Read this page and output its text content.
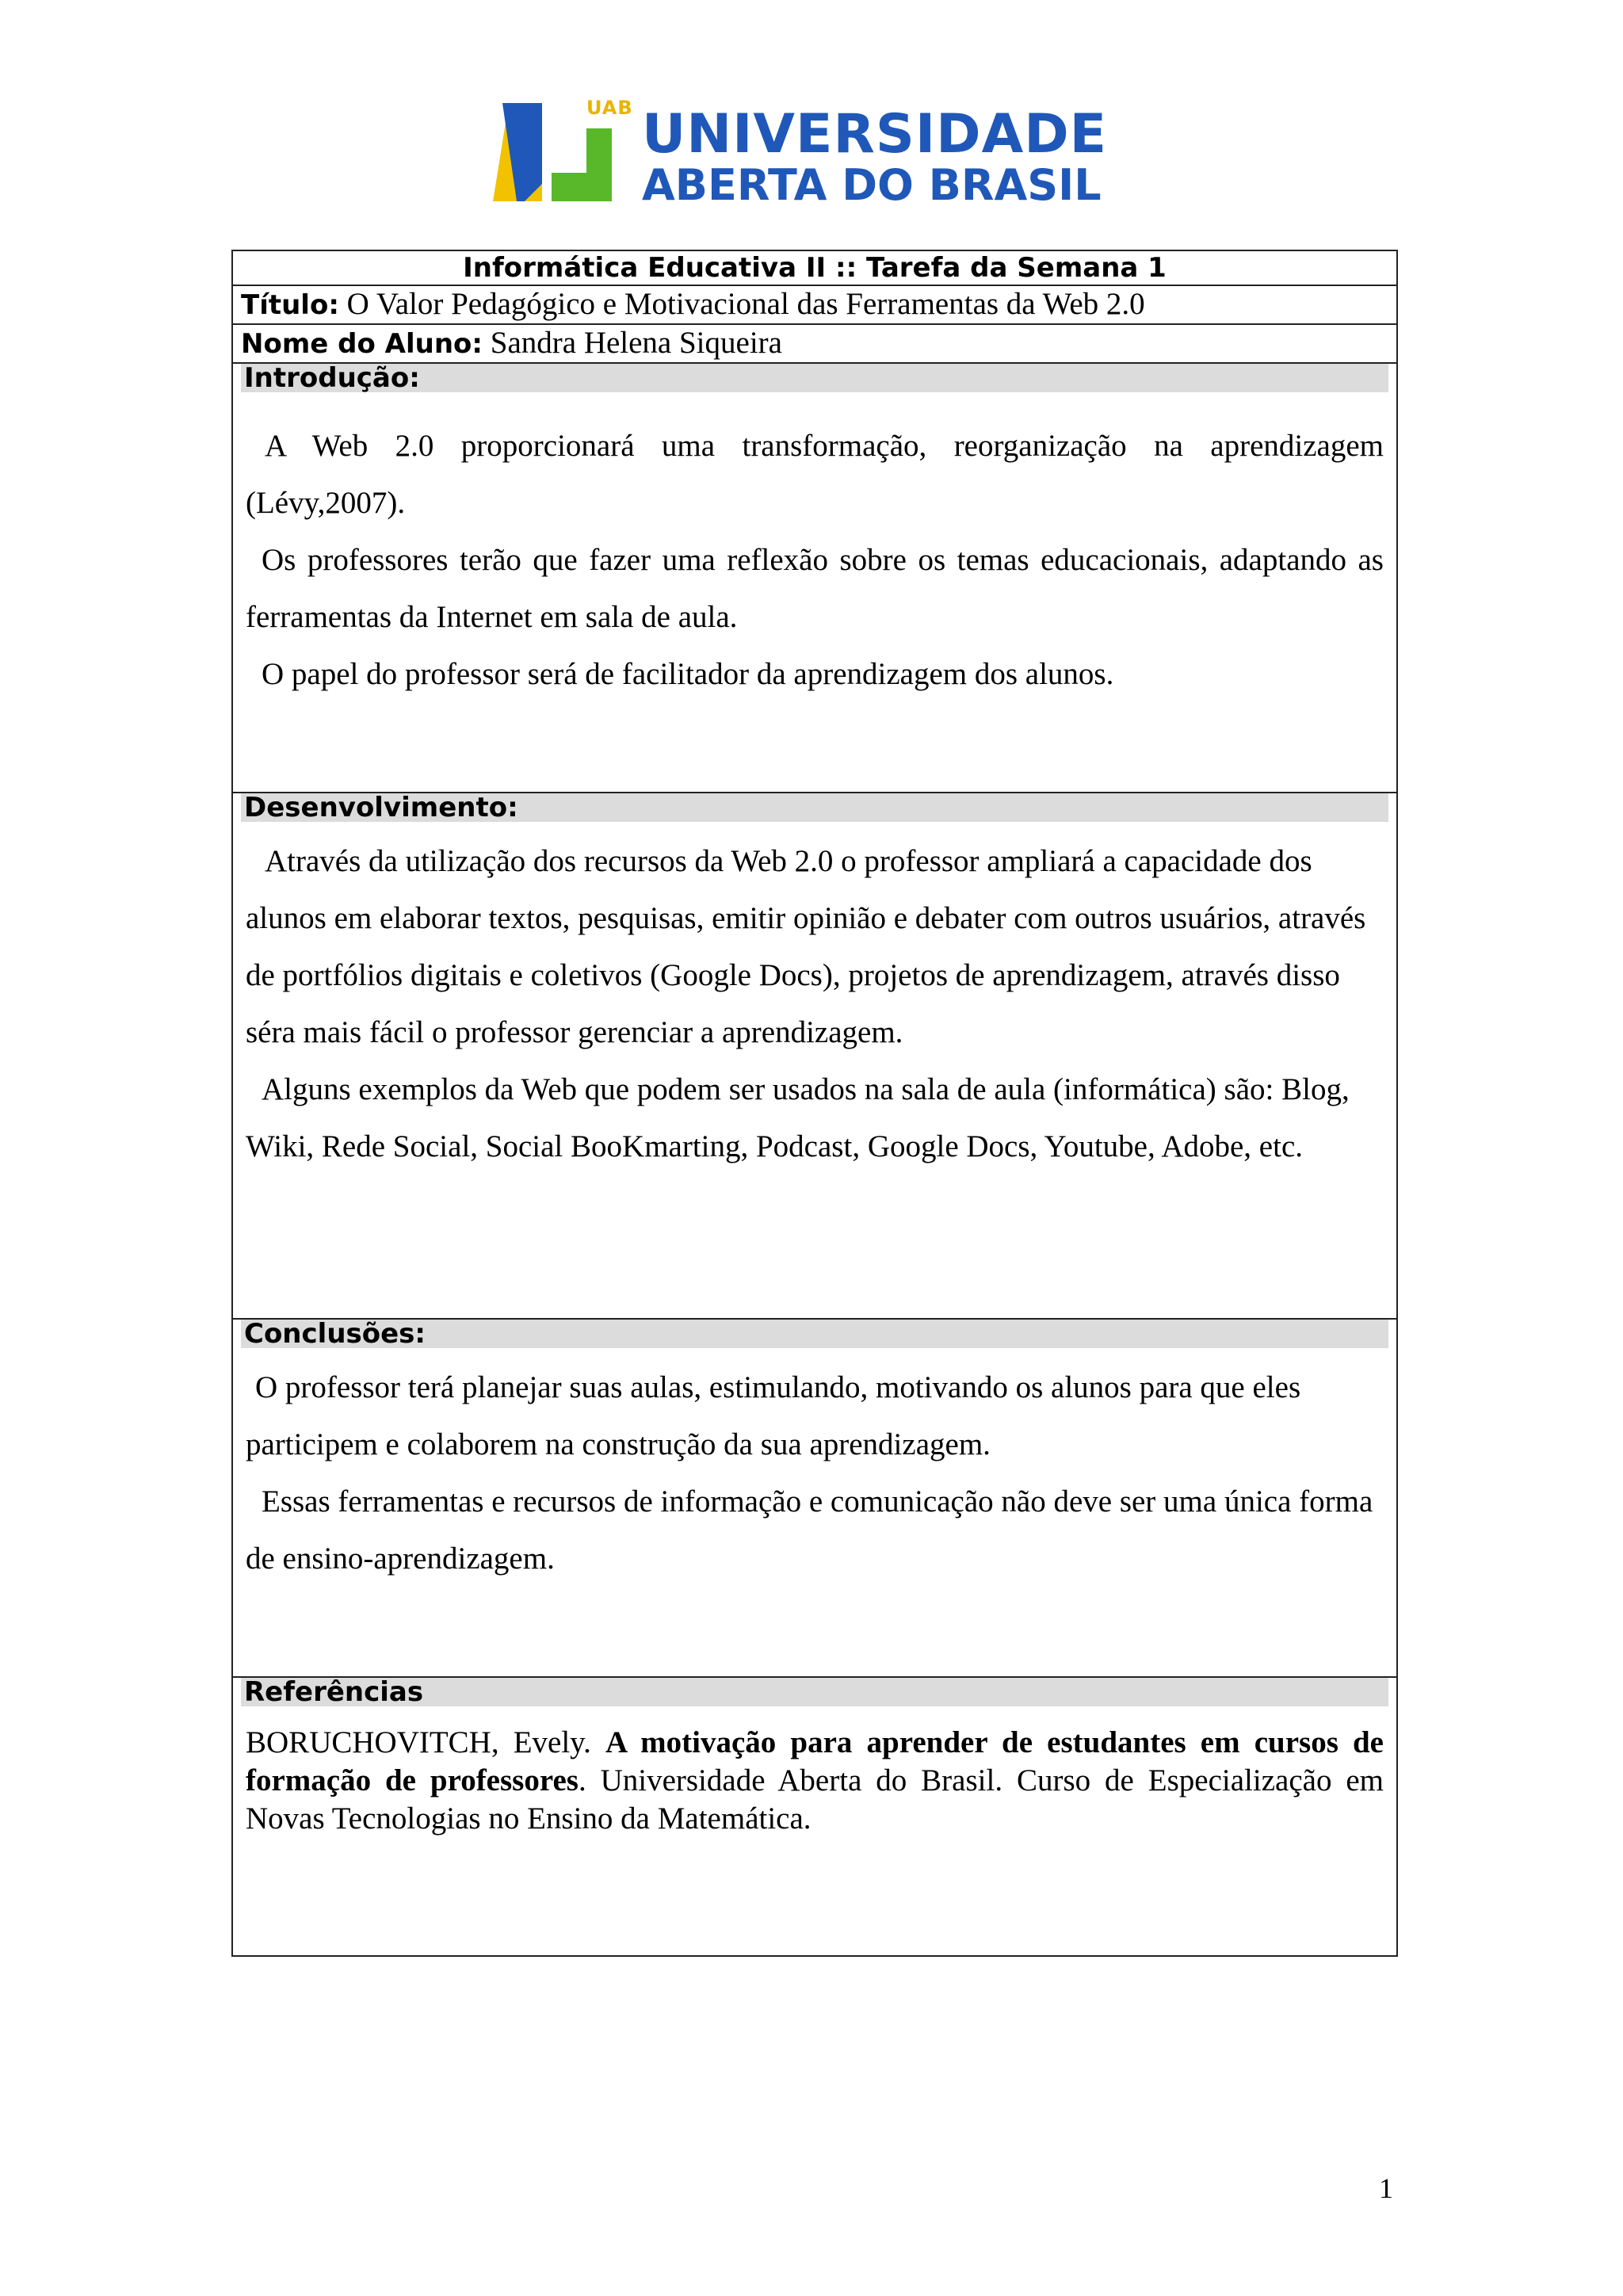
UAB UNIVERSIDADE
ABERTA DO BRASIL
Informática Educativa II :: Tarefa da Semana 1
Título: O Valor Pedagógico e Motivacional das Ferramentas da Web 2.0
Nome do Aluno: Sandra Helena Siqueira

Introdução:

A Web 2.0 proporcionará uma transformação, reorganização na aprendizagem (Lévy,2007).

Os professores terão que fazer uma reflexão sobre os temas educacionais, adaptando as ferramentas da Internet em sala de aula.

O papel do professor será de facilitador da aprendizagem dos alunos.

Desenvolvimento:

Através da utilização dos recursos da Web 2.0 o professor ampliará a capacidade dos alunos em elaborar textos, pesquisas, emitir opinião e debater com outros usuários, através de portfólios digitais e coletivos (Google Docs), projetos de aprendizagem, através disso séra mais fácil o professor gerenciar a aprendizagem.

Alguns exemplos da Web que podem ser usados na sala de aula (informática) são: Blog, Wiki, Rede Social, Social BooKmarting, Podcast, Google Docs, Youtube, Adobe, etc.

Conclusões:

O professor terá planejar suas aulas, estimulando, motivando os alunos para que eles participem e colaborem na construção da sua aprendizagem.

Essas ferramentas e recursos de informação e comunicação não deve ser uma única forma de ensino-aprendizagem.

Referências

BORUCHOVITCH, Evely. A motivação para aprender de estudantes em cursos de formação de professores. Universidade Aberta do Brasil. Curso de Especialização em Novas Tecnologias no Ensino da Matemática.

1
